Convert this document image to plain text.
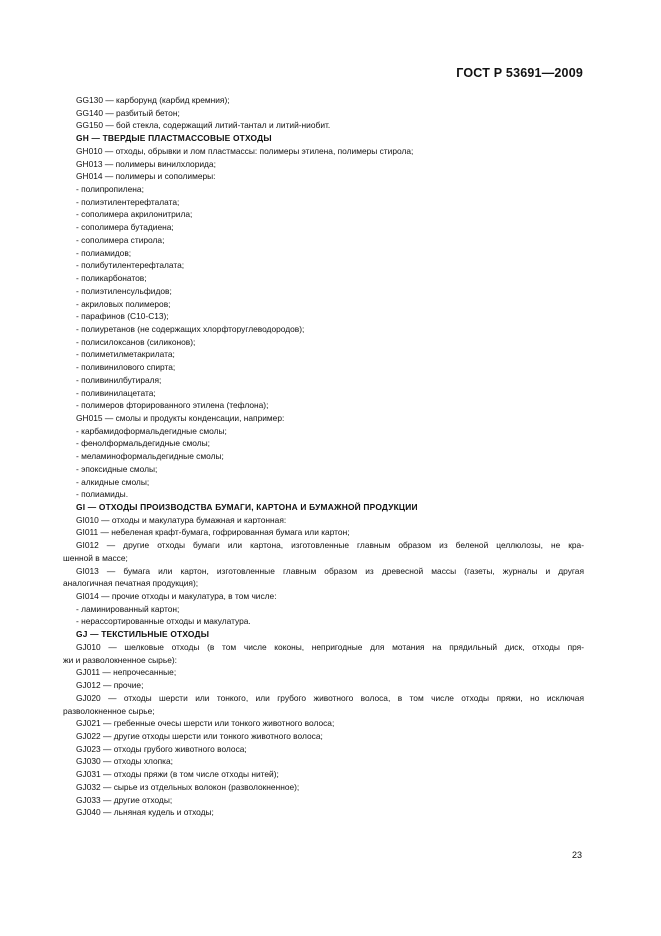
ГОСТ Р 53691—2009
GG130 — карборунд (карбид кремния);
GG140 — разбитый бетон;
GG150 — бой стекла, содержащий литий-тантал и литий-ниобит.
GH — ТВЕРДЫЕ ПЛАСТМАССОВЫЕ ОТХОДЫ
GH010 — отходы, обрывки и лом пластмассы: полимеры этилена, полимеры стирола;
GH013 — полимеры винилхлорида;
GH014 — полимеры и сополимеры:
- полипропилена;
- полиэтилентерефталата;
- сополимера акрилонитрила;
- сополимера бутадиена;
- сополимера стирола;
- полиамидов;
- полибутилентерефталата;
- поликарбонатов;
- полиэтиленсульфидов;
- акриловых полимеров;
- парафинов (C10-C13);
- полиуретанов (не содержащих хлорфторуглеводородов);
- полисилоксанов (силиконов);
- полиметилметакрилата;
- поливинилового спирта;
- поливинилбутираля;
- поливинилацетата;
- полимеров фторированного этилена (тефлона);
GH015 — смолы и продукты конденсации, например:
- карбамидоформальдегидные смолы;
- фенолформальдегидные смолы;
- меламиноформальдегидные смолы;
- эпоксидные смолы;
- алкидные смолы;
- полиамиды.
GI — ОТХОДЫ ПРОИЗВОДСТВА БУМАГИ, КАРТОНА И БУМАЖНОЙ ПРОДУКЦИИ
GI010 — отходы и макулатура бумажная и картонная:
GI011 — небеленая крафт-бумага, гофрированная бумага или картон;
GI012 — другие отходы бумаги или картона, изготовленные главным образом из беленой целлюлозы, не кра-
шенной в массе;
GI013 — бумага или картон, изготовленные главным образом из древесной массы (газеты, журналы и другая
аналогичная печатная продукция);
GI014 — прочие отходы и макулатура, в том числе:
- ламинированный картон;
- нерассортированные отходы и макулатура.
GJ — ТЕКСТИЛЬНЫЕ ОТХОДЫ
GJ010 — шелковые отходы (в том числе коконы, непригодные для мотания на прядильный диск, отходы пря-
жи и разволокненное сырье):
GJ011 — непрочесанные;
GJ012 — прочие;
GJ020 — отходы шерсти или тонкого, или грубого животного волоса, в том числе отходы пряжи, но исключая
разволокненное сырье;
GJ021 — гребенные очесы шерсти или тонкого животного волоса;
GJ022 — другие отходы шерсти или тонкого животного волоса;
GJ023 — отходы грубого животного волоса;
GJ030 — отходы хлопка;
GJ031 — отходы пряжи (в том числе отходы нитей);
GJ032 — сырье из отдельных волокон (разволокненное);
GJ033 — другие отходы;
GJ040 — льняная кудель и отходы;
23
